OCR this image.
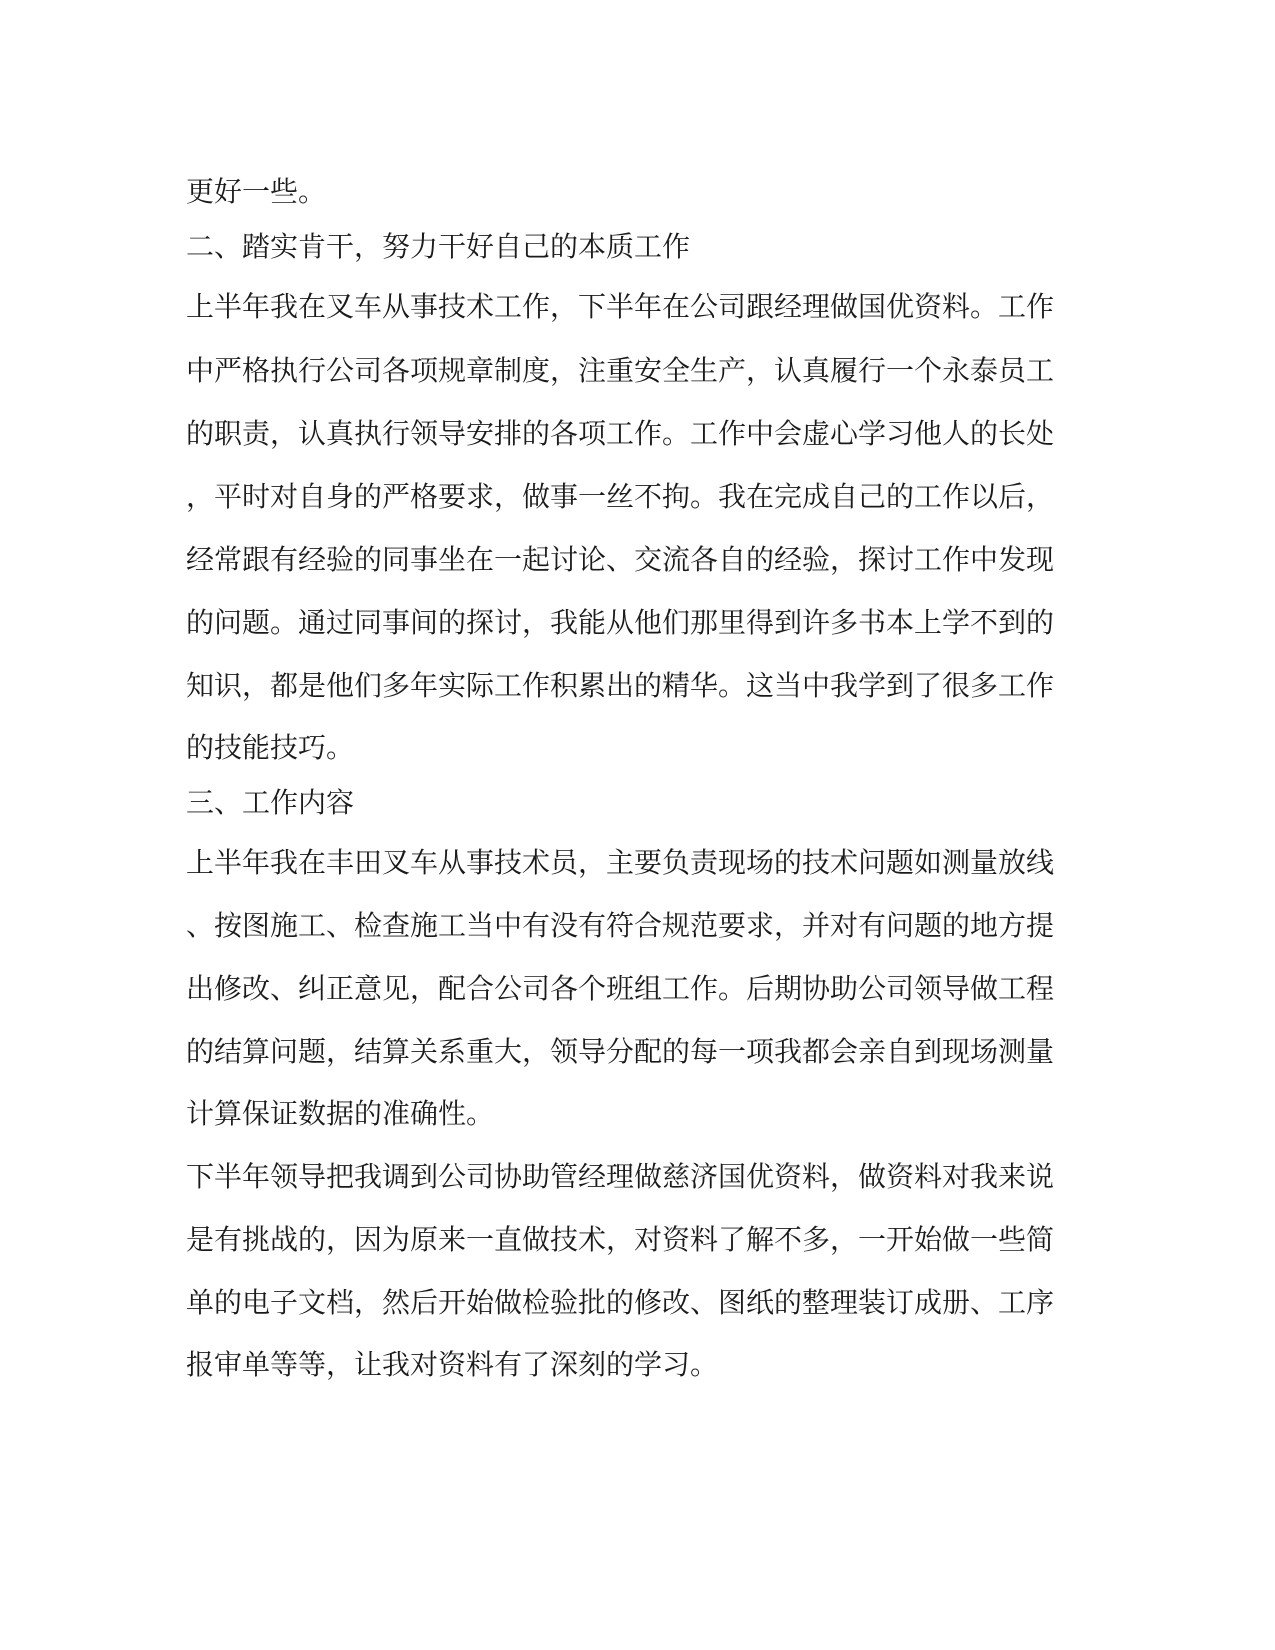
更好一些。
二、踏实肯干，努力干好自己的本质工作
上半年我在叉车从事技术工作，下半年在公司跟经理做国优资料。工作
中严格执行公司各项规章制度，注重安全生产，认真履行一个永泰员工
的职责，认真执行领导安排的各项工作。工作中会虚心学习他人的长处
，平时对自身的严格要求，做事一丝不拘。我在完成自己的工作以后，
经常跟有经验的同事坐在一起讨论、交流各自的经验，探讨工作中发现
的问题。通过同事间的探讨，我能从他们那里得到许多书本上学不到的
知识，都是他们多年实际工作积累出的精华。这当中我学到了很多工作
的技能技巧。
三、工作内容
上半年我在丰田叉车从事技术员，主要负责现场的技术问题如测量放线
、按图施工、检查施工当中有没有符合规范要求，并对有问题的地方提
出修改、纠正意见，配合公司各个班组工作。后期协助公司领导做工程
的结算问题，结算关系重大，领导分配的每一项我都会亲自到现场测量
计算保证数据的准确性。
下半年领导把我调到公司协助管经理做慈济国优资料，做资料对我来说
是有挑战的，因为原来一直做技术，对资料了解不多，一开始做一些简
单的电子文档，然后开始做检验批的修改、图纸的整理装订成册、工序
报审单等等，让我对资料有了深刻的学习。
